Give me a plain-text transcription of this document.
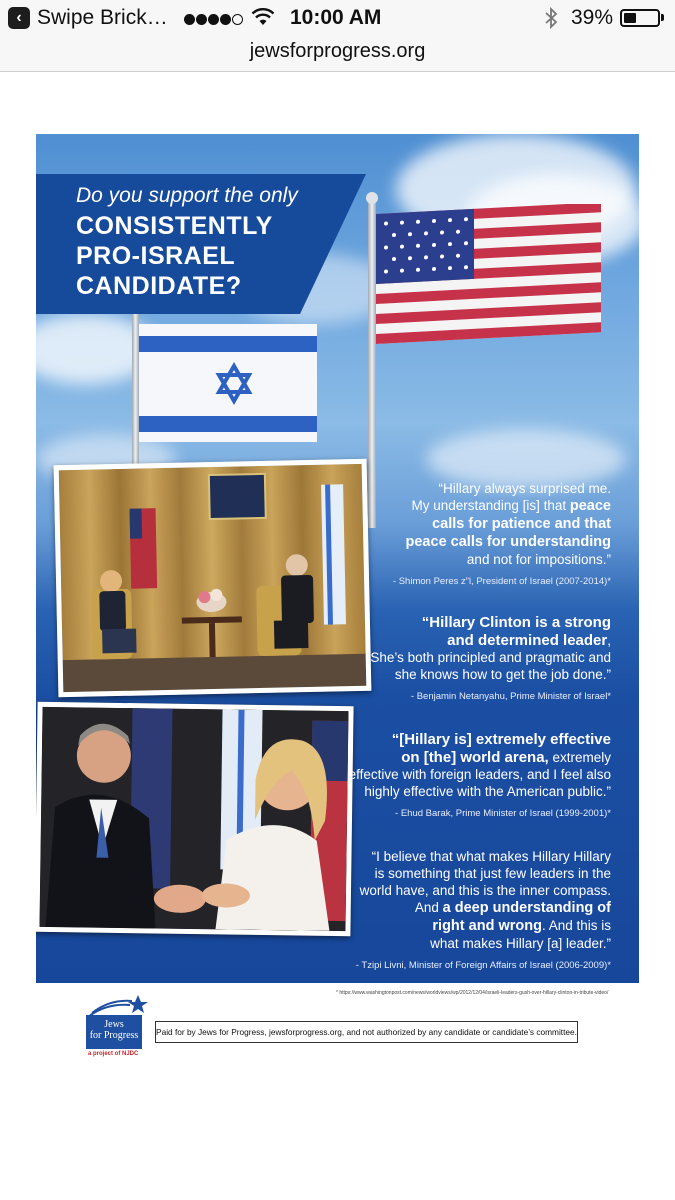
‹ Swipe Brick…	10:00 AM	39%
jewsforprogress.org
Do you support the only
CONSISTENTLY
PRO-ISRAEL
CANDIDATE?
“Hillary always surprised me.
My understanding [is] that peace
calls for patience and that
peace calls for understanding
and not for impositions.”
- Shimon Peres z”l, President of Israel (2007-2014)*
“Hillary Clinton is a strong
and determined leader,
She’s both principled and pragmatic and
she knows how to get the job done.”
- Benjamin Netanyahu, Prime Minister of Israel*
“[Hillary is] extremely effective
on [the] world arena, extremely
effective with foreign leaders, and I feel also
highly effective with the American public.”
- Ehud Barak, Prime Minister of Israel (1999-2001)*
“I believe that what makes Hillary Hillary
is something that just few leaders in the
world have, and this is the inner compass.
And a deep understanding of
right and wrong. And this is
what makes Hillary [a] leader.”
- Tzipi Livni, Minister of Foreign Affairs of Israel (2006-2009)*
* https://www.washingtonpost.com/news/worldviews/wp/2012/12/04/israeli-leaders-gush-over-hillary-clinton-in-tribute-video/
Jews
for Progress
a project of NJDC
Paid for by Jews for Progress, jewsforprogress.org, and not authorized by any candidate or candidate’s committee.
